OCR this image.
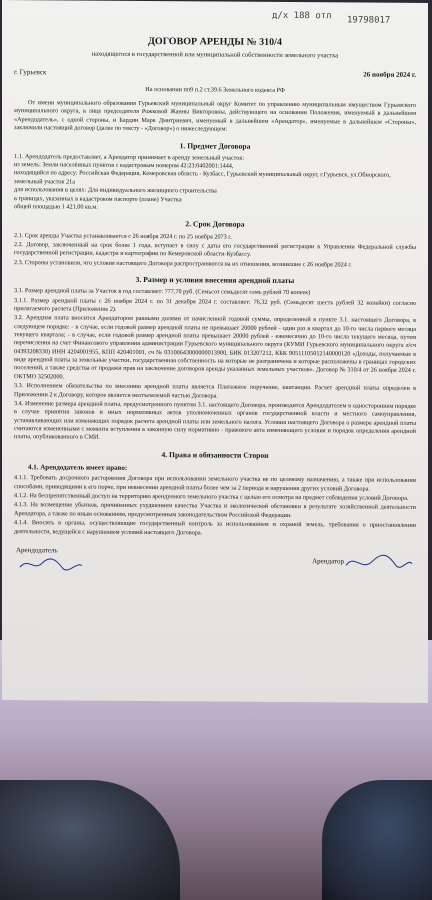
д/х 188 отл 19798017
ДОГОВОР АРЕНДЫ № 310/4
находящегося в государственной или муниципальной собственности земельного участка
г. Гурьевск	26 ноября 2024 г.
На основании пп9 п.2 ст.39.6 Земельного кодекса РФ
От имени муниципального образования Гурьевский муниципальный округ Комитет по управлению муниципальным имуществом Гурьевского муниципального округа, в лице председателя Рожковой Жанны Викторовны, действующего на основании Положения, именуемый в дальнейшем «Арендодатель», с одной стороны, и Бардин Марк Дмитриевич, именуемый в дальнейшем «Арендатор», именуемые в дальнейшем «Стороны», заключили настоящий договор (далее по тексту - «Договор») о нижеследующем:
1. Предмет Договора
1.1. Арендодатель предоставляет, а Арендатор принимает в аренду земельный участок:
из земель: Земли населённых пунктов с кадастровым номером 42:23:0402001:1444,
находящийся по адресу: Российская Федерация, Кемеровская область - Кузбасс, Гурьевский муниципальный округ, г.Гурьевск, ул.Обнорского, земельный участок 21а
для использования в целях: Для индивидуального жилищного строительства
в границах, указанных в кадастровом паспорте (плане) Участка
общей площадью 1 421,00 кв.м.
2. Срок Договора
2.1. Срок аренды Участка устанавливается с 26 ноября 2024 г. по 25 ноября 2073 г.
2.2. Договор, заключенный на срок более 1 года, вступает в силу с даты его государственной регистрации в Управлении Федеральной службы государственной регистрации, кадастра и картографии по Кемеровской области-Кузбассу.
2.3. Стороны установили, что условия настоящего Договора распространяются на их отношения, возникшие с 26 ноября 2024 г.
3. Размер и условия внесения арендной платы
3.1. Размер арендной платы за Участок в год составляет: 777,70 руб. (Семьсот семьдесят семь рублей 70 копеек)
3.1.1. Размер арендной платы с 26 ноября 2024 г. по 31 декабря 2024 г. составляет: 76,32 руб. (Семьдесят шесть рублей 32 копейки) согласно прилагаемого расчета (Приложение 2).
3.2. Арендная плата вносится Арендатором равными долями от начисленной годовой суммы, определенной в пункте 3.1. настоящего Договора, в следующем порядке: - в случае, если годовой размер арендной платы не превышает 20000 рублей - один раз в квартал до 10-го числа первого месяца текущего квартала; - в случае, если годовой размер арендной платы превышает 20000 рублей - ежемесячно до 10-го числа текущего месяца, путем перечисления на счет Финансового управления администрации Гурьевского муниципального округа (КУМИ Гурьевского муниципального округа л/сч 04393208330) ИНН 4204001955, КПП 420401001, сч № 03100643000000013900, БИК 013207212, КБК 90511105012140000120 «Доходы, получаемые в виде арендной платы за земельные участки, государственная собственность на которые не разграничена и которые расположены в границах городских поселений, а также средства от продажи прав на заключение договоров аренды указанных земельных участков». Договор № 310/4 от 26 ноября 2024 г. ОКТМО 32502000.
3.3. Исполнением обязательства по внесению арендной платы является Платежное поручение, квитанция. Расчет арендной платы определен в Приложении 2 к Договору, которое является неотъемлемой частью Договора.
3.4. Изменение размера арендной платы, предусмотренного пунктом 3.1. настоящего Договора, производится Арендодателем в одностороннем порядке в случае принятия законов и иных нормативных актов уполномоченных органов государственной власти и местного самоуправления, устанавливающих или изменяющих порядок расчета арендной платы или земельного налога. Условия настоящего Договора о размере арендной платы считаются измененными с момента вступления в законную силу нормативно - правового акта изменяющего условия и порядок определения арендной платы, опубликованного в СМИ.
4. Права и обязанности Сторон
4.1. Арендодатель имеет право:
4.1.1. Требовать досрочного расторжения Договора при использовании земельного участка не по целевому назначению, а также при использовании способами, приводящими к его порче, при невнесении арендной платы более чем за 2 периода и нарушения других условий Договора.
4.1.2. На беспрепятственный доступ на территорию арендуемого земельного участка с целью его осмотра на предмет соблюдения условий Договора.
4.1.3. На возмещение убытков, причиненных ухудшением качества Участка и экологической обстановки в результате хозяйственной деятельности Арендатора, а также по иным основаниям, предусмотренным законодательством Российской Федерации.
4.1.4. Вносить в органы, осуществляющие государственный контроль за использованием и охраной земель, требования о приостановлении деятельности, ведущейся с нарушением условий настоящего Договора.
Арендодатель
Арендатор
